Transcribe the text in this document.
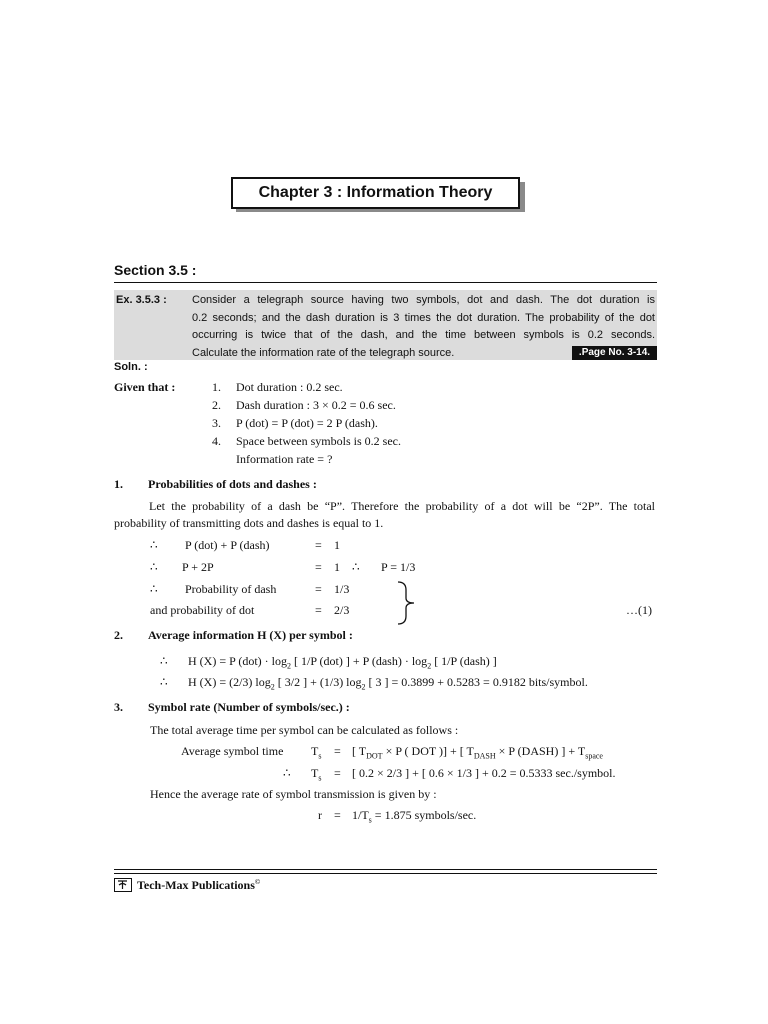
Chapter 3 : Information Theory
Section 3.5 :
Ex. 3.5.3 : Consider a telegraph source having two symbols, dot and dash. The dot duration is
0.2 seconds; and the dash duration is 3 times the dot duration. The probability of the dot
occurring is twice that of the dash, and the time between symbols is 0.2 seconds.
Calculate the information rate of the telegraph source.	.Page No. 3-14.
Soln. :
Given that :	1. Dot duration : 0.2 sec.
2. Dash duration : 3 × 0.2 = 0.6 sec.
3. P (dot) = P (dot) = 2 P (dash).
4. Space between symbols is 0.2 sec.
Information rate = ?
1. Probabilities of dots and dashes :
Let the probability of a dash be “P”. Therefore the probability of a dot will be “2P”. The total
probability of transmitting dots and dashes is equal to 1.
∴ P (dot) + P (dash)	= 1
∴ P + 2P	= 1 ∴ P = 1/3
∴ Probability of dash	= 1/3
and probability of dot	= 2/3	…(1)
2. Average information H (X) per symbol :
∴ H (X) = P $(dot) \cdot \log_2$ [ 1/P (dot) ] + P (dash) · $\log_2$ [ 1/P (dash) ]
∴ H (X) = (2/3) $\log_2$ [ 3/2 ] + (1/3) $\log_2$ [ 3 ] = 0.3899 + 0.5283 = 0.9182 bits/symbol.
3. Symbol rate (Number of symbols/sec.) :
The total average time per symbol can be calculated as follows :
Average symbol time $T_s$ = [ $T_{DOT} \times P$ ( DOT )] + [ $T_{DASH} \times P$ (DASH) ] + $T_{space}$
∴ $T_s$ = [ 0.2 × 2/3 ] + [ 0.6 × 1/3 ] + 0.2 = 0.5333 sec./symbol.
Hence the average rate of symbol transmission is given by :
$r = 1/T_s = 1.875$ symbols/sec.
Tech-Max Publications©
